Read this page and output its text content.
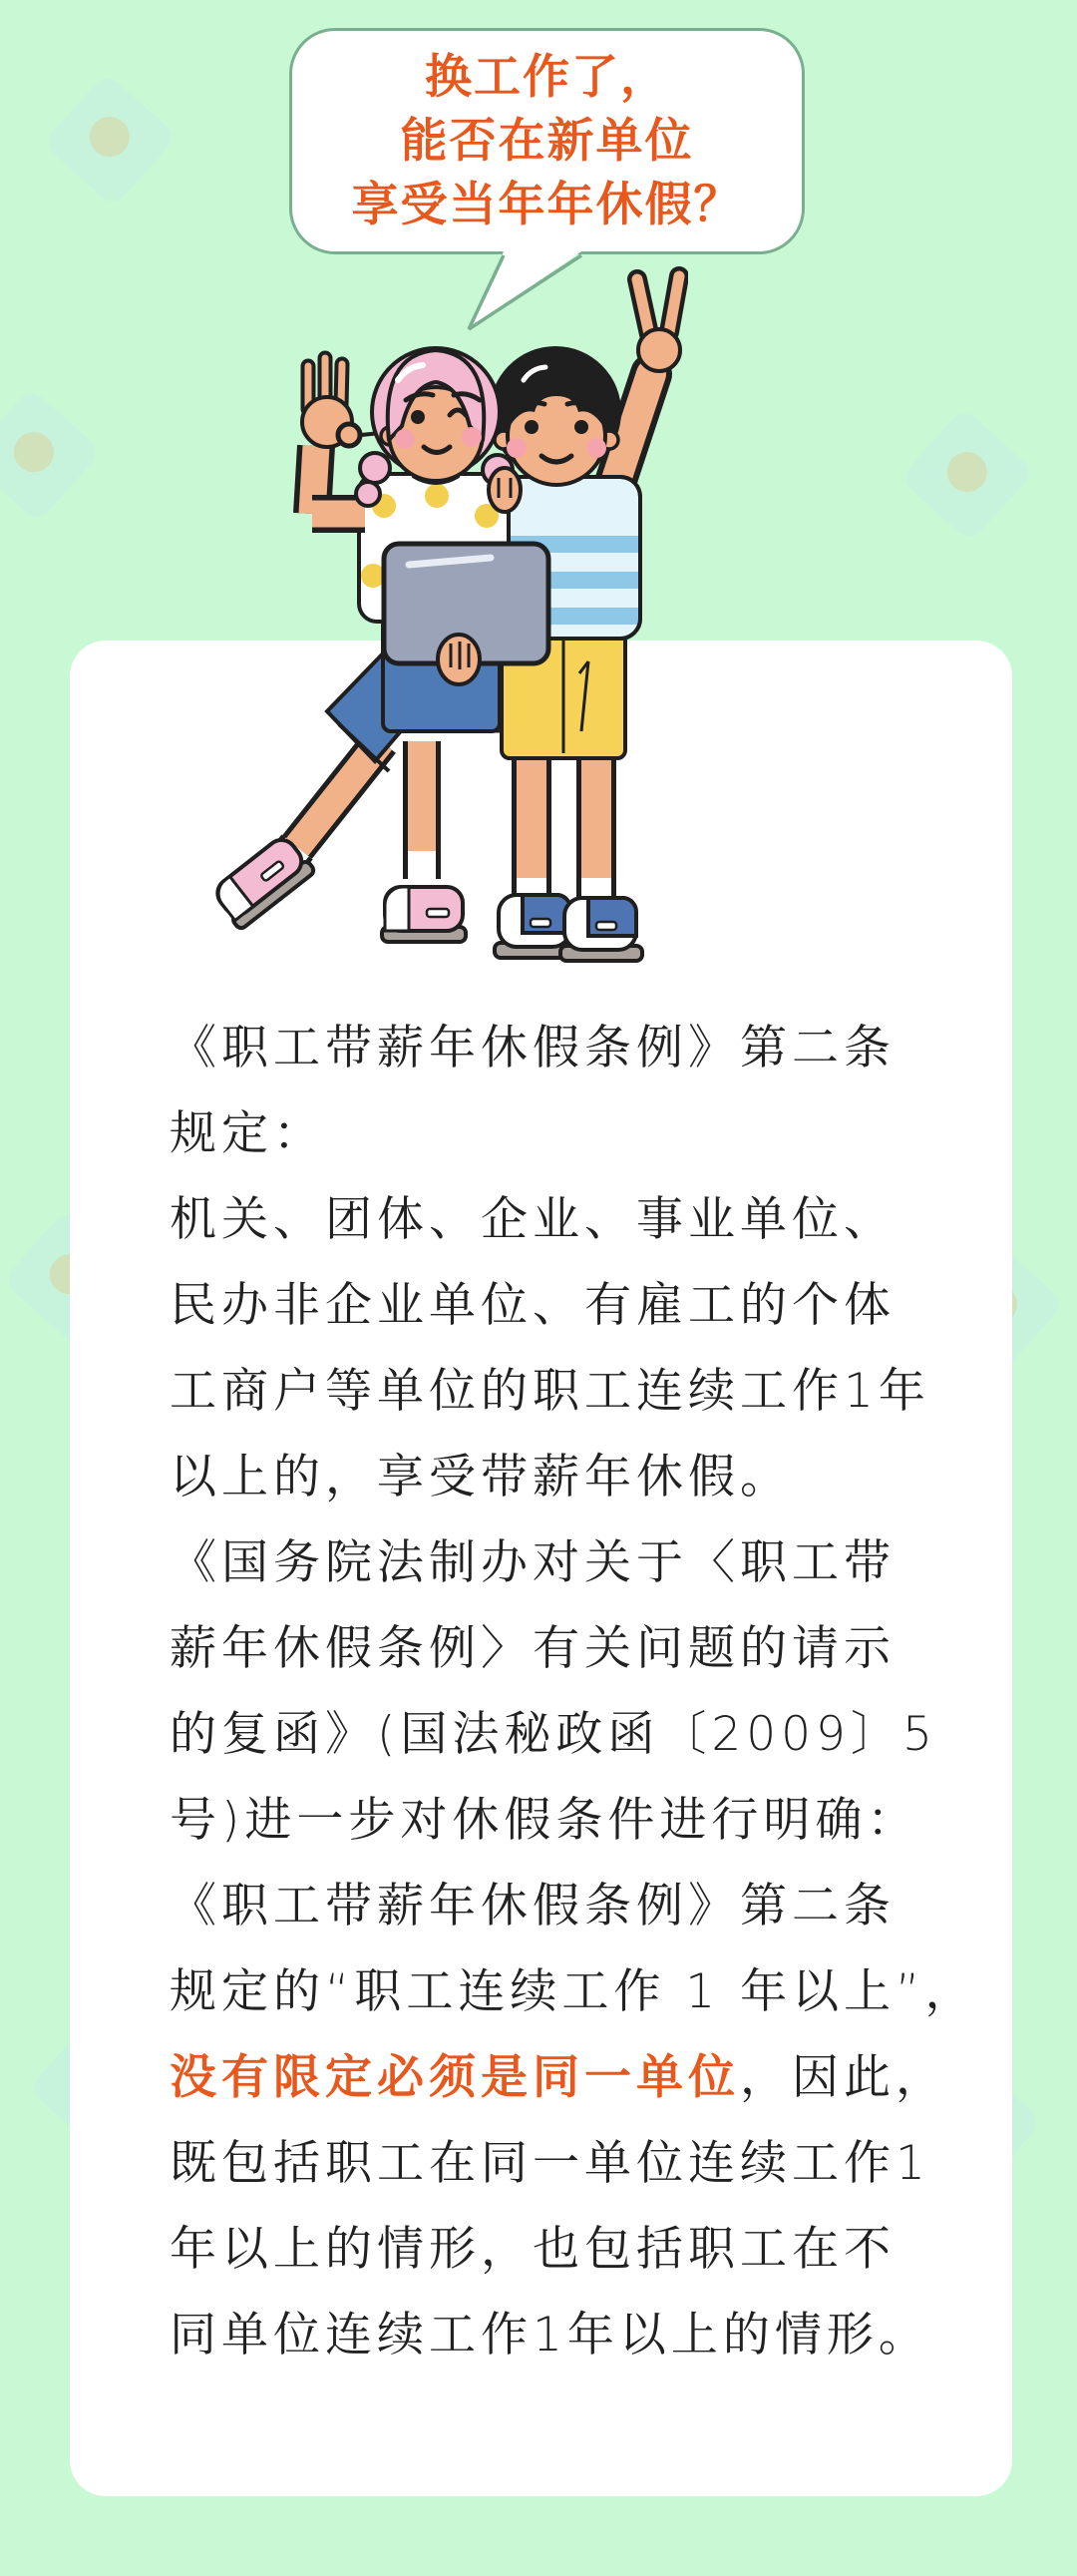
换工作了，
能否在新单位
享受当年年休假？
《职工带薪年休假条例》第二条
规定：
机关、团体、企业、事业单位、
民办非企业单位、有雇工的个体
工商户等单位的职工连续工作1年
以上的，享受带薪年休假。
《国务院法制办对关于〈职工带
薪年休假条例〉有关问题的请示
的复函》(国法秘政函〔2009〕5
号)进一步对休假条件进行明确：
《职工带薪年休假条例》第二条
规定的“职工连续工作 1 年以上”，
没有限定必须是同一单位，因此，
既包括职工在同一单位连续工作1
年以上的情形，也包括职工在不
同单位连续工作1年以上的情形。
